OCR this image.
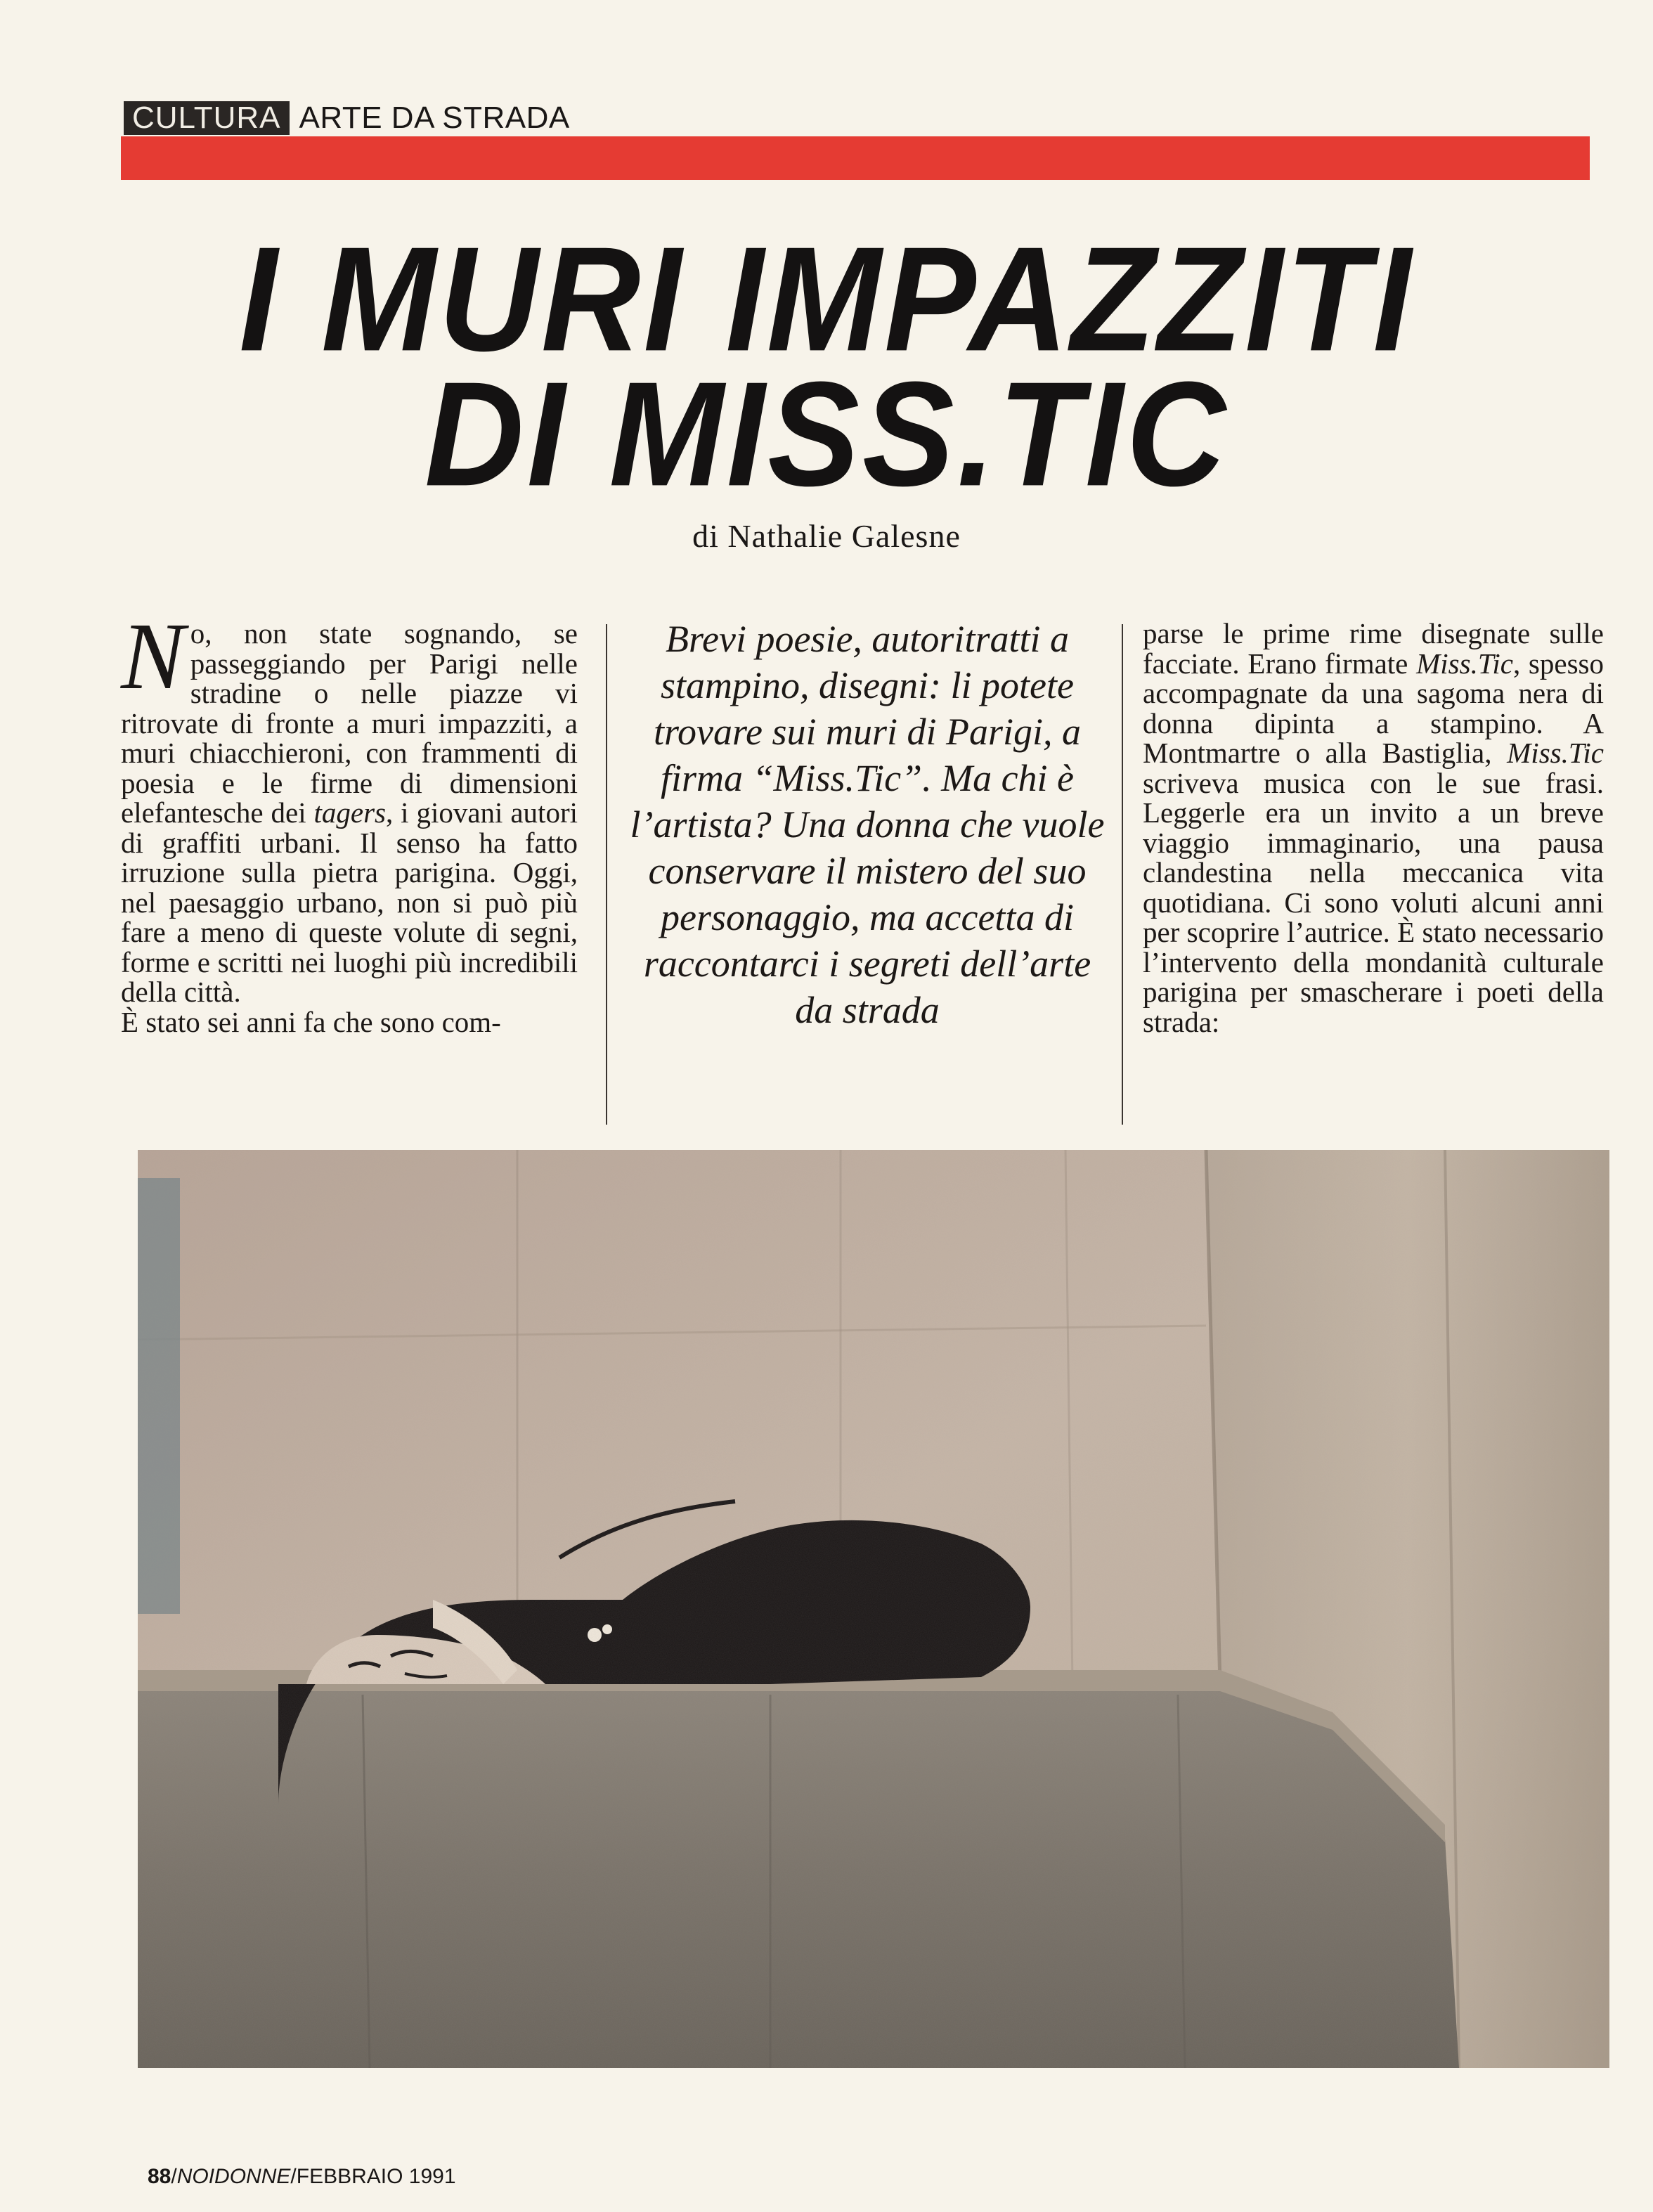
CULTURA ARTE DA STRADA
I MURI IMPAZZITI
DI MISS.TIC
di Nathalie Galesne

No, non state sognando, se passeggiando per Parigi nelle stradine o nelle piazze vi ritrovate di fronte a muri impazziti, a muri chiacchieroni, con frammenti di poesia e le firme di dimensioni elefantesche dei tagers, i giovani autori di graffiti urbani. Il senso ha fatto irruzione sulla pietra parigina. Oggi, nel paesaggio urbano, non si può più fare a meno di queste volute di segni, forme e scritti nei luoghi più incredibili della città.

È stato sei anni fa che sono com-

Brevi poesie, autoritratti a stampino, disegni: li potete trovare sui muri di Parigi, a firma “Miss.Tic”. Ma chi è l’artista? Una donna che vuole conservare il mistero del suo personaggio, ma accetta di raccontarci i segreti dell’arte da strada

parse le prime rime disegnate sulle facciate. Erano firmate Miss.Tic, spesso accompagnate da una sagoma nera di donna dipinta a stampino. A Montmartre o alla Bastiglia, Miss.Tic scriveva musica con le sue frasi. Leggerle era un invito a un breve viaggio immaginario, una pausa clandestina nella meccanica vita quotidiana. Ci sono voluti alcuni anni per scoprire l’autrice. È stato necessario l’intervento della mondanità culturale parigina per smascherare i poeti della strada:

88/NOIDONNE/FEBBRAIO 1991
